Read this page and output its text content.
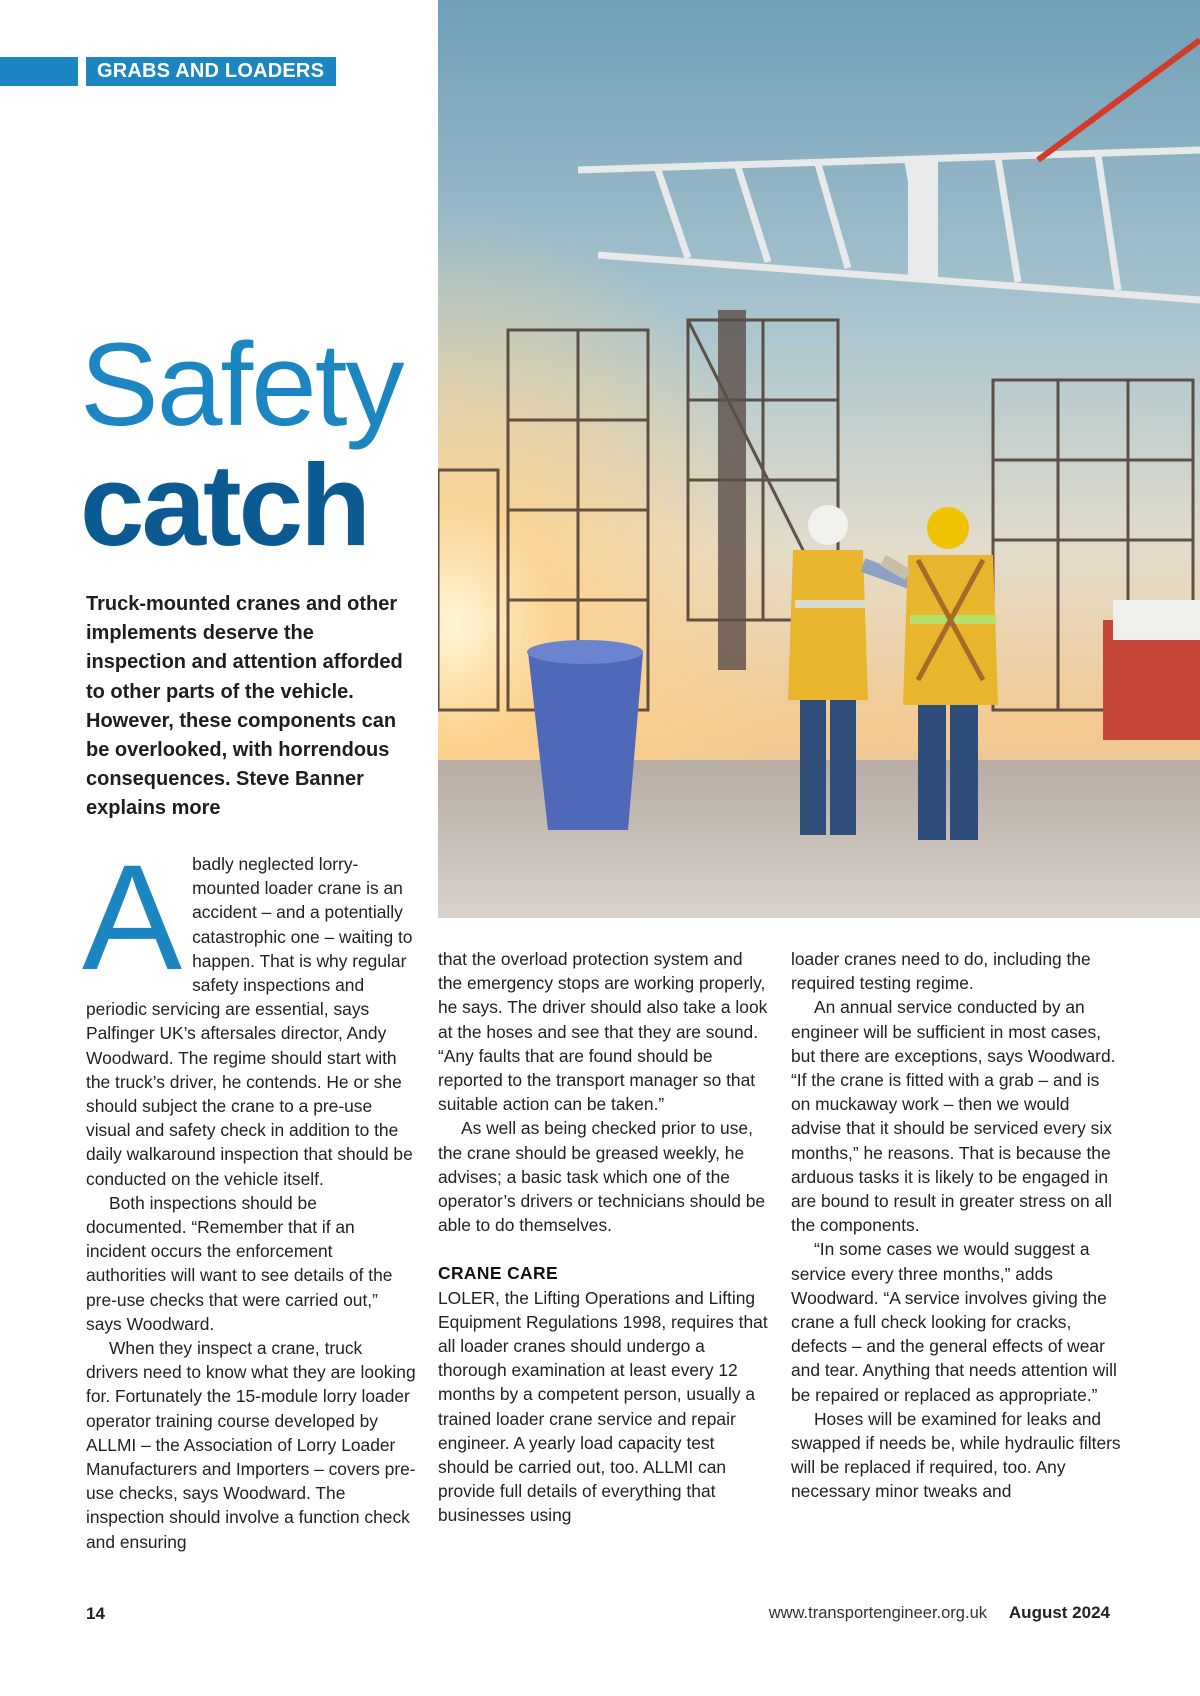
GRABS AND LOADERS
Safety
catch
Truck-mounted cranes and other implements deserve the inspection and attention afforded to other parts of the vehicle. However, these components can be overlooked, with horrendous consequences. Steve Banner explains more
A badly neglected lorry-mounted loader crane is an accident – and a potentially catastrophic one – waiting to happen. That is why regular safety inspections and periodic servicing are essential, says Palfinger UK’s aftersales director, Andy Woodward. The regime should start with the truck’s driver, he contends. He or she should subject the crane to a pre-use visual and safety check in addition to the daily walkaround inspection that should be conducted on the vehicle itself.

Both inspections should be documented. “Remember that if an incident occurs the enforcement authorities will want to see details of the pre-use checks that were carried out,” says Woodward.

When they inspect a crane, truck drivers need to know what they are looking for. Fortunately the 15-module lorry loader operator training course developed by ALLMI – the Association of Lorry Loader Manufacturers and Importers – covers pre-use checks, says Woodward. The inspection should involve a function check and ensuring

that the overload protection system and the emergency stops are working properly, he says. The driver should also take a look at the hoses and see that they are sound. “Any faults that are found should be reported to the transport manager so that suitable action can be taken.”

As well as being checked prior to use, the crane should be greased weekly, he advises; a basic task which one of the operator’s drivers or technicians should be able to do themselves.

CRANE CARE

LOLER, the Lifting Operations and Lifting Equipment Regulations 1998, requires that all loader cranes should undergo a thorough examination at least every 12 months by a competent person, usually a trained loader crane service and repair engineer. A yearly load capacity test should be carried out, too. ALLMI can provide full details of everything that businesses using

loader cranes need to do, including the required testing regime.

An annual service conducted by an engineer will be sufficient in most cases, but there are exceptions, says Woodward. “If the crane is fitted with a grab – and is on muckaway work – then we would advise that it should be serviced every six months,” he reasons. That is because the arduous tasks it is likely to be engaged in are bound to result in greater stress on all the components.

“In some cases we would suggest a service every three months,” adds Woodward. “A service involves giving the crane a full check looking for cracks, defects – and the general effects of wear and tear. Anything that needs attention will be repaired or replaced as appropriate.”

Hoses will be examined for leaks and swapped if needs be, while hydraulic filters will be replaced if required, too. Any necessary minor tweaks and

14	www.transportengineer.org.uk August 2024
